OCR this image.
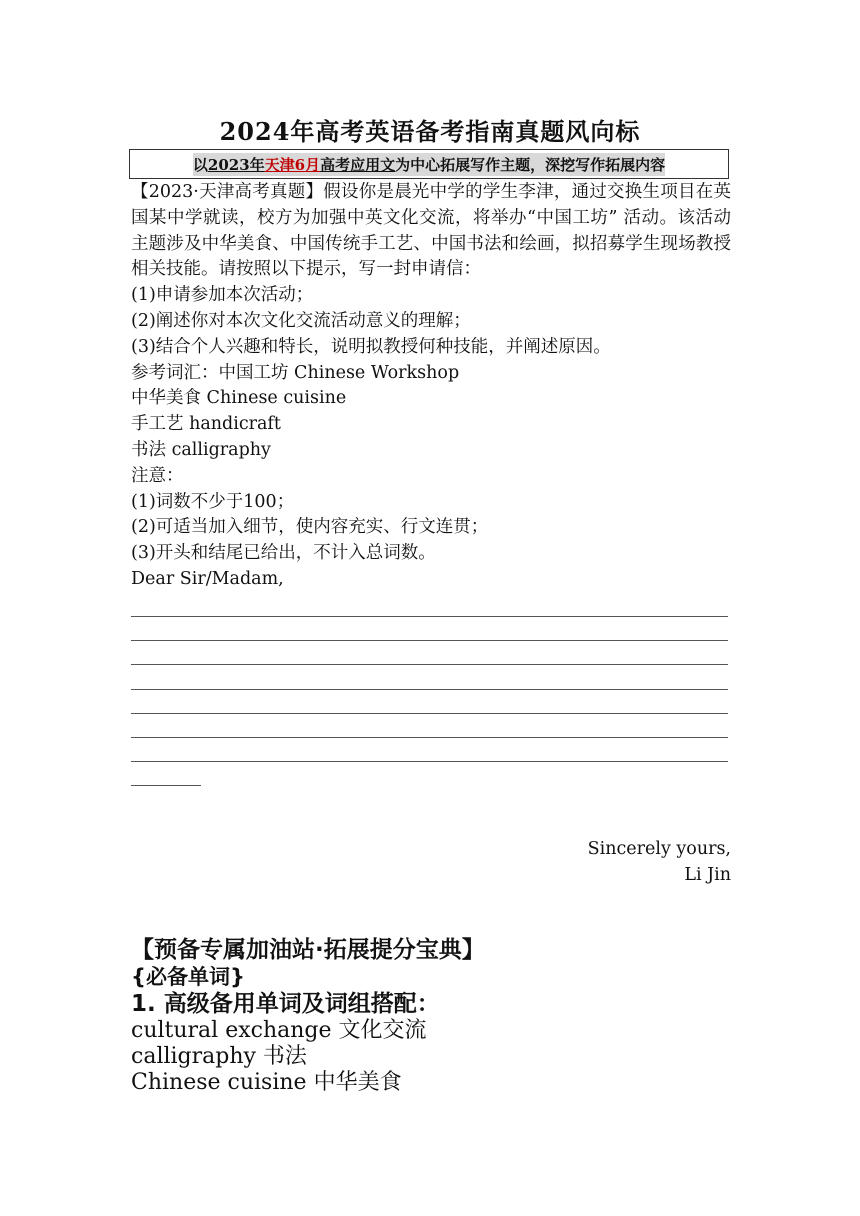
2024年高考英语备考指南真题风向标
以2023年天津6月高考应用文为中心拓展写作主题，深挖写作拓展内容

【2023·天津高考真题】假设你是晨光中学的学生李津，通过交换生项目在英国某中学就读，校方为加强中英文化交流，将举办“中国工坊” 活动。该活动主题涉及中华美食、中国传统手工艺、中国书法和绘画，拟招募学生现场教授相关技能。请按照以下提示，写一封申请信：

(1)申请参加本次活动；

(2)阐述你对本次文化交流活动意义的理解；

(3)结合个人兴趣和特长，说明拟教授何种技能，并阐述原因。

参考词汇：中国工坊 Chinese Workshop

中华美食 Chinese cuisine

手工艺 handicraft

书法 calligraphy

注意：

(1)词数不少于100；

(2)可适当加入细节，使内容充实、行文连贯；

(3)开头和结尾已给出，不计入总词数。

Dear Sir/Madam,

Sincerely yours,
Li Jin
【预备专属加油站·拓展提分宝典】
{必备单词}
1. 高级备用单词及词组搭配：
cultural exchange 文化交流
calligraphy 书法
Chinese cuisine 中华美食
